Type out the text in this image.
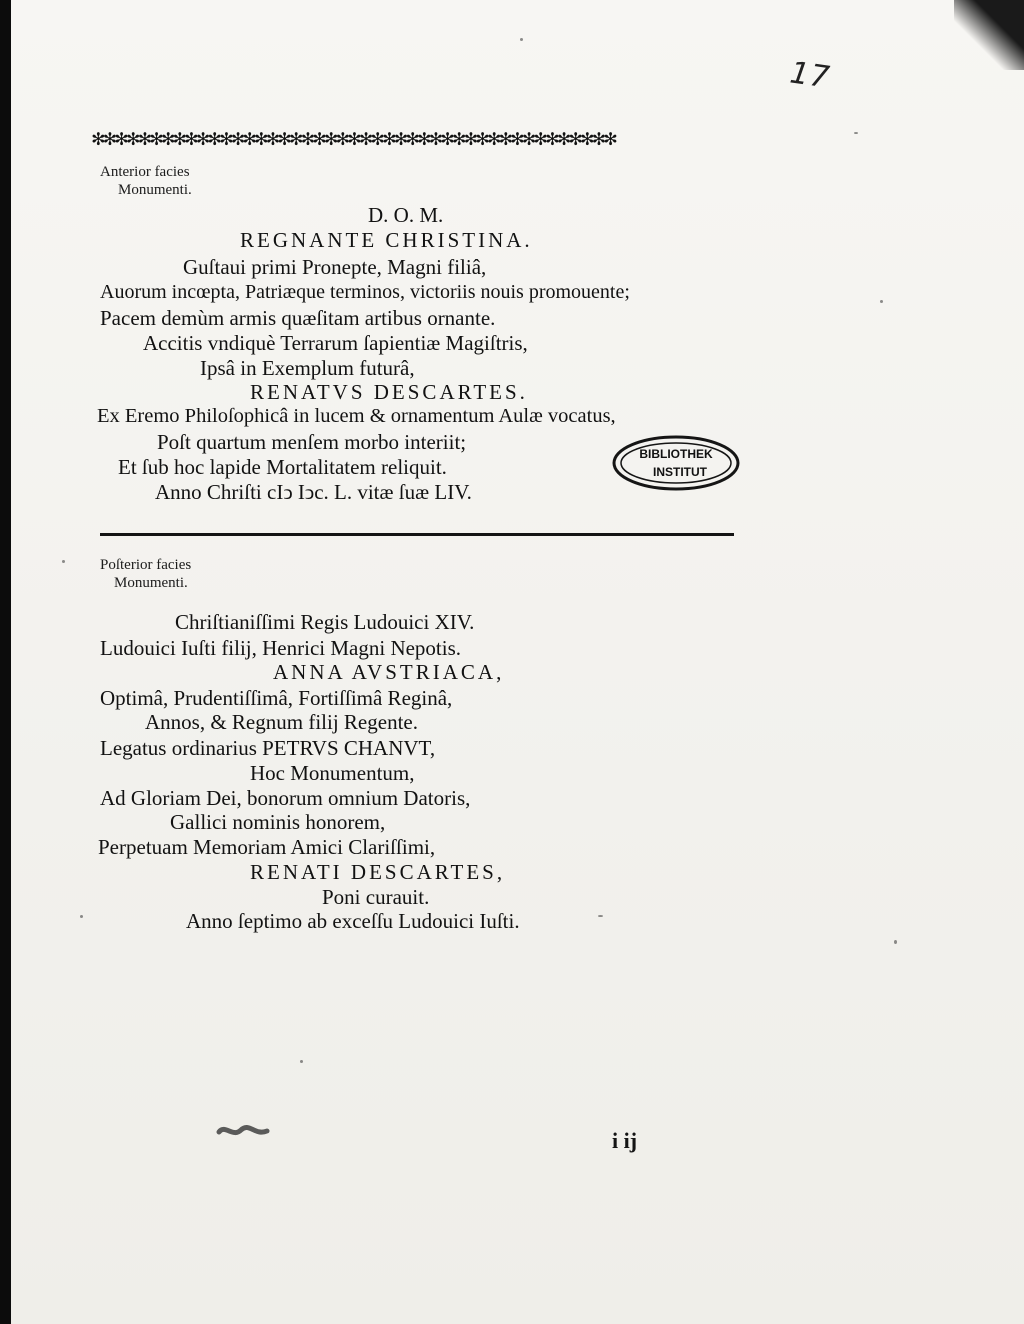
17
✻✻✻✻✻✻✻✻✻✻✻✻✻✻✻✻✻✻✻✻✻✻✻✻✻✻✻✻✻✻✻✻✻✻✻✻✻✻✻✻✻✻✻✻✻
Anterior facies
Monumenti.
D. O. M.
REGNANTE CHRISTINA.
Guſtaui primi Pronepte, Magni filiâ,
Auorum incœpta, Patriæque terminos, victoriis nouis promouente;
Pacem demùm armis quæſitam artibus ornante.
Accitis vndiquè Terrarum ſapientiæ Magiſtris,
Ipsâ in Exemplum futurâ,
RENATVS DESCARTES.
Ex Eremo Philoſophicâ in lucem & ornamentum Aulæ vocatus,
Poſt quartum menſem morbo interiit;
Et ſub hoc lapide Mortalitatem reliquit.
Anno Chriſti cIↄ Iↄc. L. vitæ ſuæ LIV.
BIBLIOTHEK
INSTITUT
Poſterior facies
Monumenti.
Chriſtianiſſimi Regis Ludouici XIV.
Ludouici Iuſti filij, Henrici Magni Nepotis.
ANNA AVSTRIACA,
Optimâ, Prudentiſſimâ, Fortiſſimâ Reginâ,
Annos, & Regnum filij Regente.
Legatus ordinarius PETRVS CHANVT,
Hoc Monumentum,
Ad Gloriam Dei, bonorum omnium Datoris,
Gallici nominis honorem,
Perpetuam Memoriam Amici Clariſſimi,
RENATI DESCARTES,
Poni curauit.
Anno ſeptimo ab exceſſu Ludouici Iuſti.
i ij
